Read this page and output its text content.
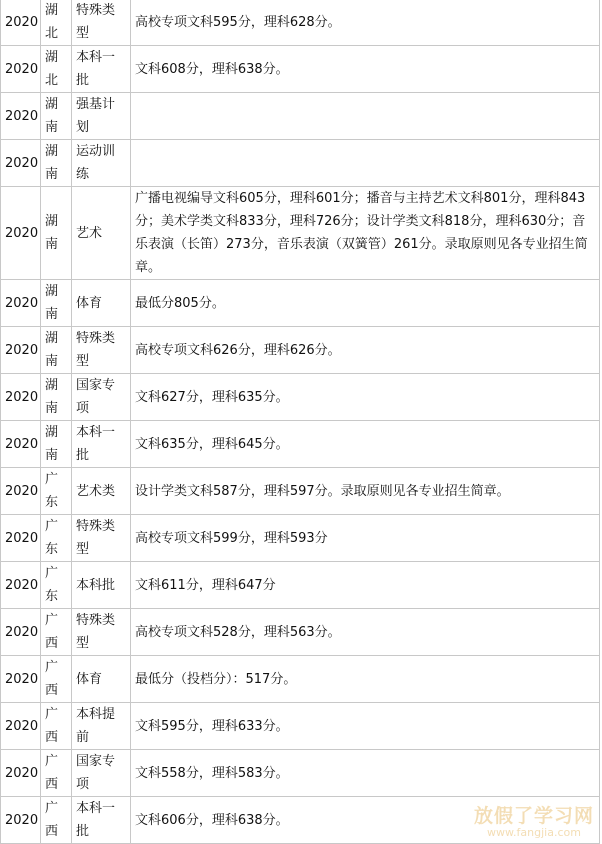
2020	湖北	特殊类型	高校专项文科595分，理科628分。
2020	湖北	本科一批	文科608分，理科638分。
2020	湖南	强基计划	
2020	湖南	运动训练	
2020	湖南	艺术	广播电视编导文科605分，理科601分；播音与主持艺术文科801分，理科843分；美术学类文科833分，理科726分；设计学类文科818分，理科630分；音乐表演（长笛）273分，音乐表演（双簧管）261分。录取原则见各专业招生简章。
2020	湖南	体育	最低分805分。
2020	湖南	特殊类型	高校专项文科626分，理科626分。
2020	湖南	国家专项	文科627分，理科635分。
2020	湖南	本科一批	文科635分，理科645分。
2020	广东	艺术类	设计学类文科587分，理科597分。录取原则见各专业招生简章。
2020	广东	特殊类型	高校专项文科599分，理科593分
2020	广东	本科批	文科611分，理科647分
2020	广西	特殊类型	高校专项文科528分，理科563分。
2020	广西	体育	最低分（投档分）：517分。
2020	广西	本科提前	文科595分，理科633分。
2020	广西	国家专项	文科558分，理科583分。
2020	广西	本科一批	文科606分，理科638分。	放假了学习网
www.fangjia.com
